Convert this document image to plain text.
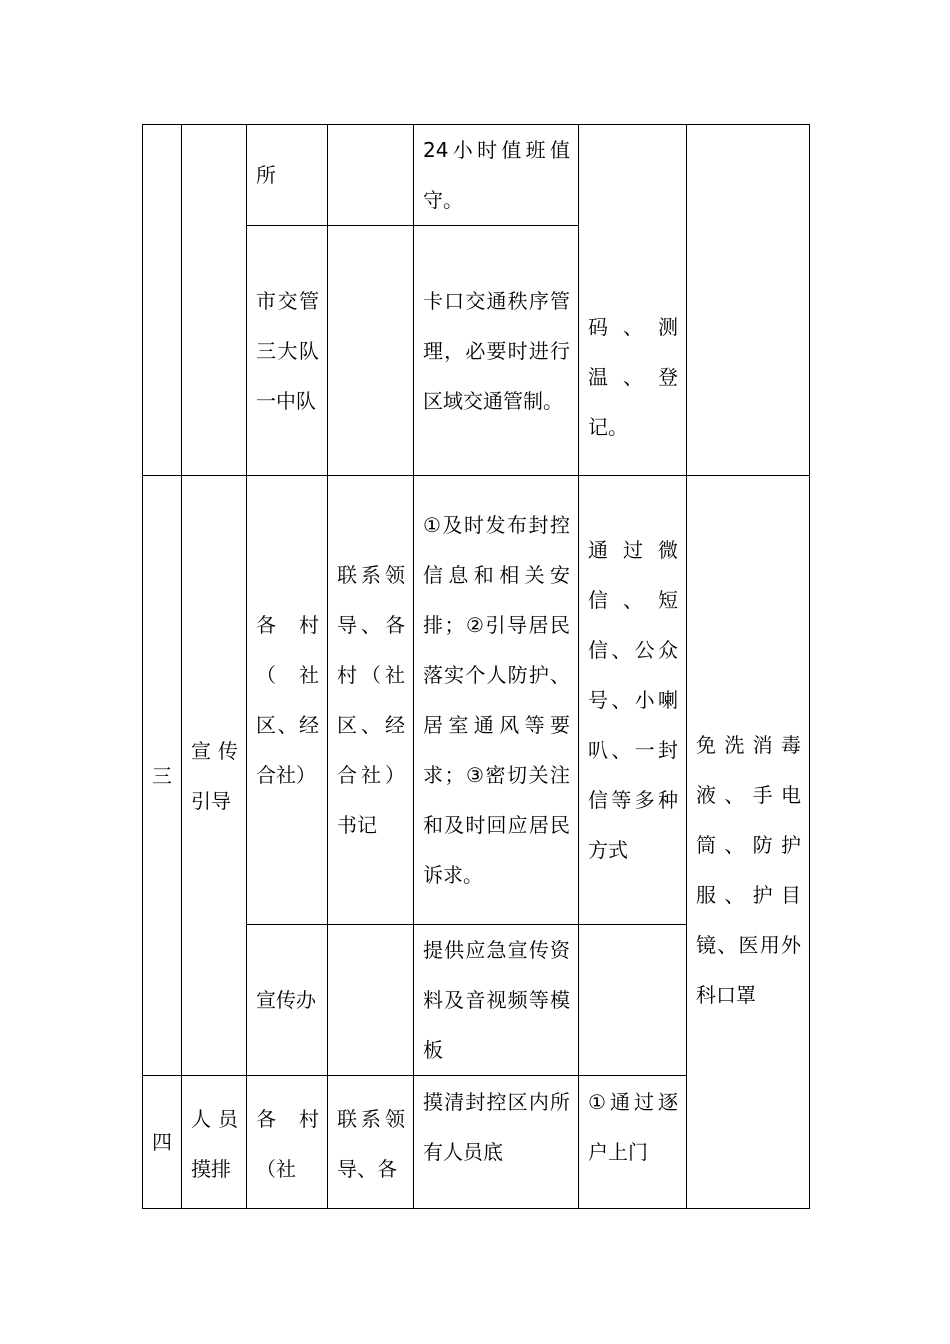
所
24小时值班值守。
市交管三大队一中队
卡口交通秩序管理，必要时进行区域交通管制。
码、测温、登记。
三
宣传引导
各村（社区、经合社）
联系领导、各村（社区、经合社）书记
①及时发布封控信息和相关安排；②引导居民落实个人防护、居室通风等要求；③密切关注和及时回应居民诉求。
通过微信、短信、公众号、小喇叭、一封信等多种方式
宣传办
提供应急宣传资料及音视频等模板
免洗消毒液、手电筒、防护服、护目镜、医用外科口罩
四
人员摸排
各村（社
联系领导、各
摸清封控区内所有人员底
①通过逐户上门
